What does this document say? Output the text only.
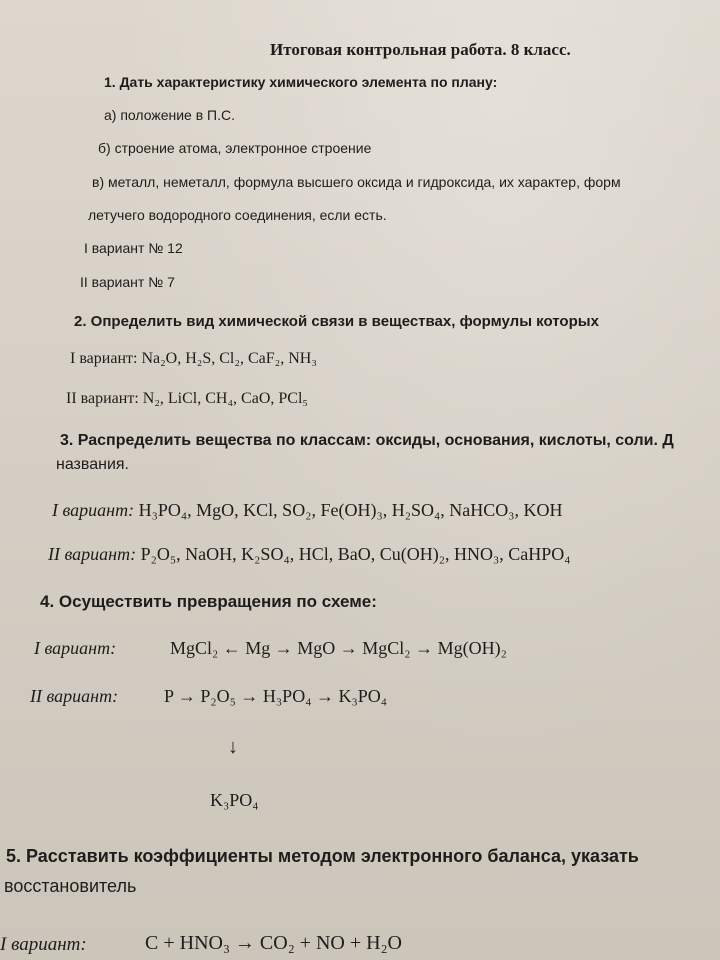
Итоговая контрольная работа. 8 класс.
1. Дать характеристику химического элемента по плану:
а) положение в П.С.
б) строение атома, электронное строение
в) металл, неметалл, формула высшего оксида и гидроксида, их характер, форм
летучего водородного соединения, если есть.
I вариант № 12
II вариант № 7
2. Определить вид химической связи в веществах, формулы которых
I вариант: Na₂O, H₂S, Cl₂, CaF₂, NH₃
II вариант: N₂, LiCl, CH₄, CaO, PCl₅
3. Распределить вещества по классам: оксиды, основания, кислоты, соли. Д
названия.
I вариант: H₃PO₄, MgO, KCl, SO₂, Fe(OH)₃, H₂SO₄, NaHCO₃, KOH
II вариант: P₂O₅, NaOH, K₂SO₄, HCl, BaO, Cu(OH)₂, HNO₃, CaHPO₄
4. Осуществить превращения по схеме:
I вариант:	MgCl₂ ← Mg → MgO → MgCl₂ → Mg(OH)₂
II вариант:	P → P₂O₅ → H₃PO₄ → K₃PO₄
↓
K₃PO₄
5. Расставить коэффициенты методом электронного баланса, указать
восстановитель
I вариант:	C + HNO₃ → CO₂ + NO + H₂O
